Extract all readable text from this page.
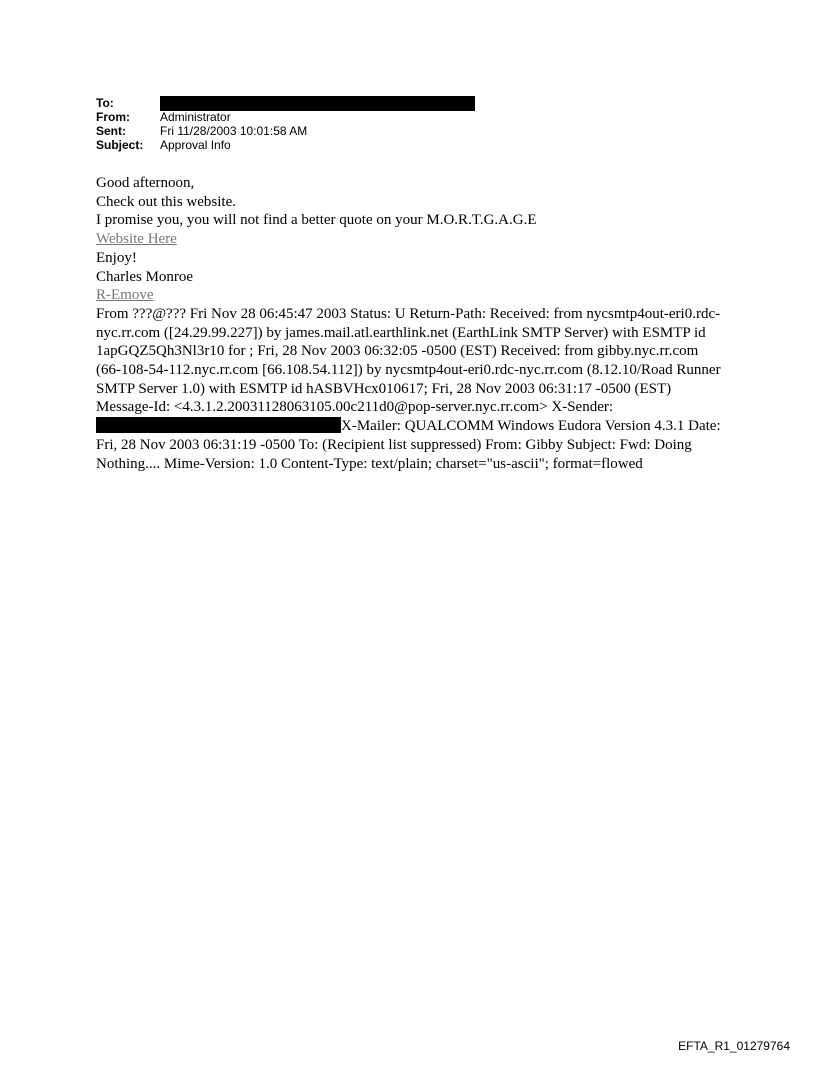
To:
From:	Administrator
Sent:	Fri 11/28/2003 10:01:58 AM
Subject:	Approval Info
Good afternoon,
Check out this website.
I promise you, you will not find a better quote on your M.O.R.T.G.A.G.E
Website Here
Enjoy!
Charles Monroe
R-Emove
From ???@??? Fri Nov 28 06:45:47 2003 Status: U Return-Path: Received: from nycsmtp4out-eri0.rdc-nyc.rr.com ([24.29.99.227]) by james.mail.atl.earthlink.net (EarthLink SMTP Server) with ESMTP id 1apGQZ5Qh3Nl3r10 for ; Fri, 28 Nov 2003 06:32:05 -0500 (EST) Received: from gibby.nyc.rr.com (66-108-54-112.nyc.rr.com [66.108.54.112]) by nycsmtp4out-eri0.rdc-nyc.rr.com (8.12.10/Road Runner SMTP Server 1.0) with ESMTP id hASBVHcx010617; Fri, 28 Nov 2003 06:31:17 -0500 (EST) Message-Id: <4.3.1.2.20031128063105.00c211d0@pop-server.nyc.rr.com> X-Sender: X-Mailer: QUALCOMM Windows Eudora Version 4.3.1 Date: Fri, 28 Nov 2003 06:31:19 -0500 To: (Recipient list suppressed) From: Gibby Subject: Fwd: Doing Nothing.... Mime-Version: 1.0 Content-Type: text/plain; charset="us-ascii"; format=flowed
EFTA_R1_01279764
